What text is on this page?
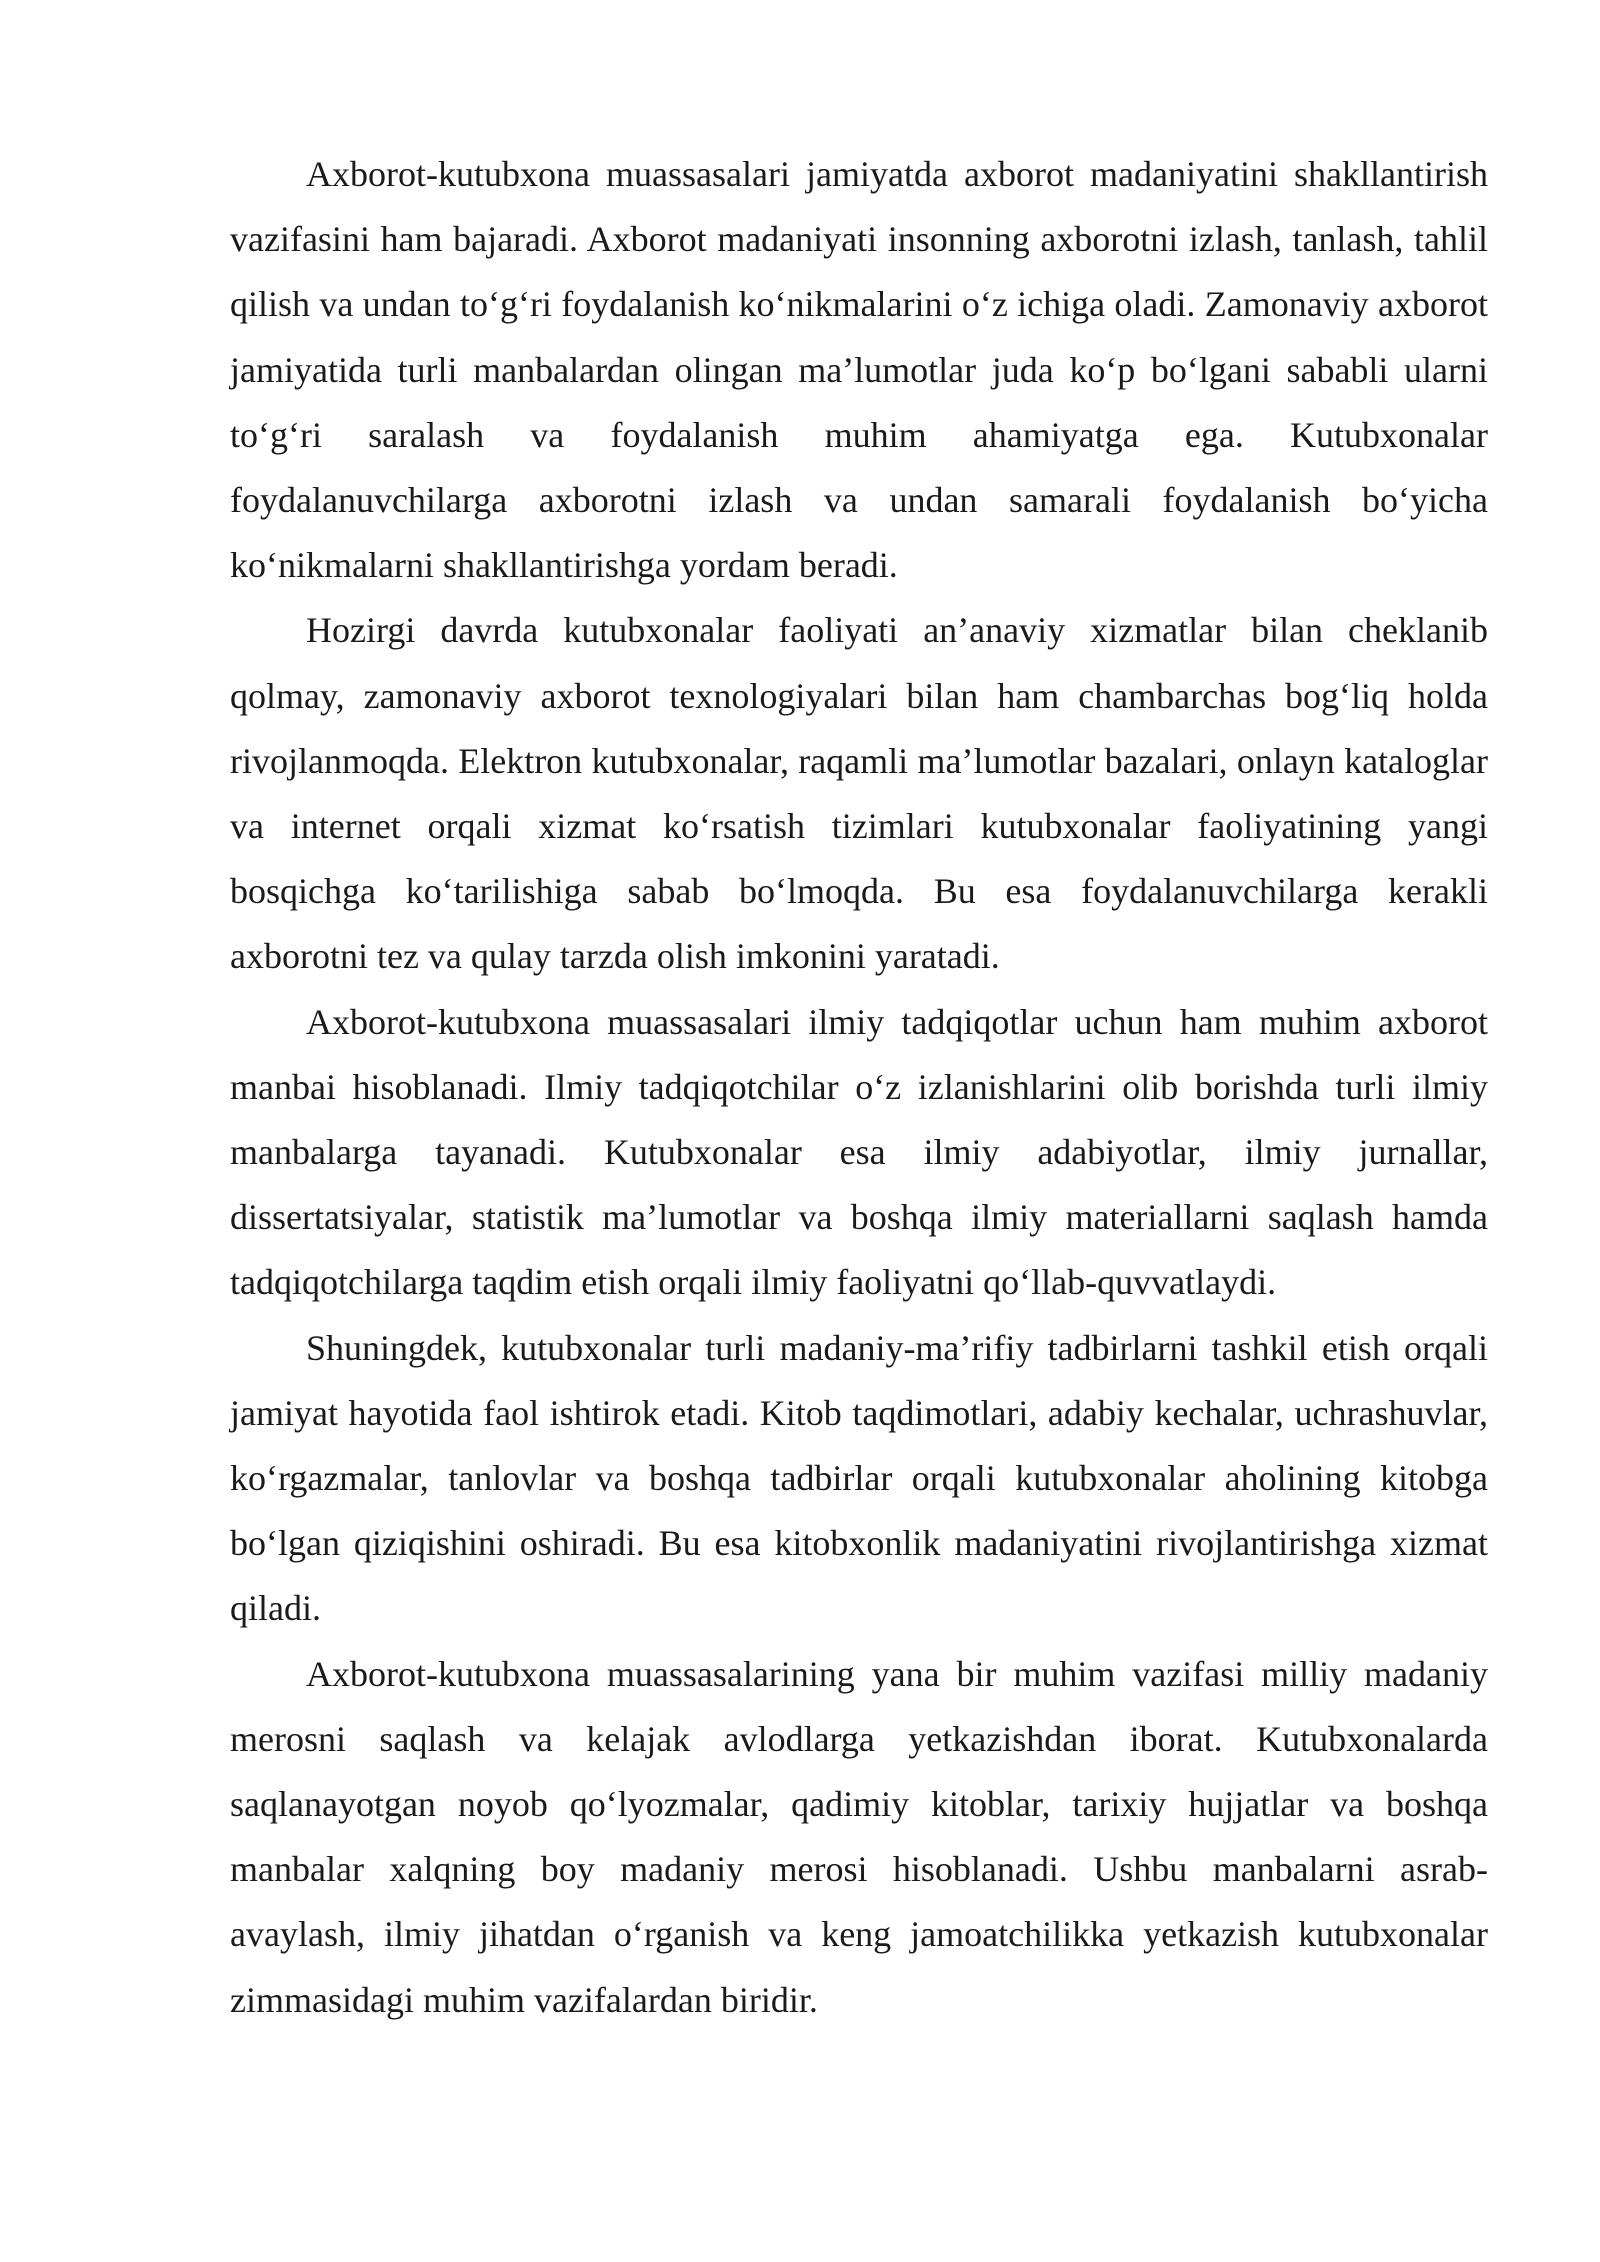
Axborot-kutubxona muassasalari jamiyatda axborot madaniyatini shakllantirish vazifasini ham bajaradi. Axborot madaniyati insonning axborotni izlash, tanlash, tahlil qilish va undan to‘g‘ri foydalanish ko‘nikmalarini o‘z ichiga oladi. Zamonaviy axborot jamiyatida turli manbalardan olingan ma’lumotlar juda ko‘p bo‘lgani sababli ularni to‘g‘ri saralash va foydalanish muhim ahamiyatga ega. Kutubxonalar foydalanuvchilarga axborotni izlash va undan samarali foydalanish bo‘yicha ko‘nikmalarni shakllantirishga yordam beradi.

Hozirgi davrda kutubxonalar faoliyati an’anaviy xizmatlar bilan cheklanib qolmay, zamonaviy axborot texnologiyalari bilan ham chambarchas bog‘liq holda rivojlanmoqda. Elektron kutubxonalar, raqamli ma’lumotlar bazalari, onlayn kataloglar va internet orqali xizmat ko‘rsatish tizimlari kutubxonalar faoliyatining yangi bosqichga ko‘tarilishiga sabab bo‘lmoqda. Bu esa foydalanuvchilarga kerakli axborotni tez va qulay tarzda olish imkonini yaratadi.

Axborot-kutubxona muassasalari ilmiy tadqiqotlar uchun ham muhim axborot manbai hisoblanadi. Ilmiy tadqiqotchilar o‘z izlanishlarini olib borishda turli ilmiy manbalarga tayanadi. Kutubxonalar esa ilmiy adabiyotlar, ilmiy jurnallar, dissertatsiyalar, statistik ma’lumotlar va boshqa ilmiy materiallarni saqlash hamda tadqiqotchilarga taqdim etish orqali ilmiy faoliyatni qo‘llab-quvvatlaydi.

Shuningdek, kutubxonalar turli madaniy-ma’rifiy tadbirlarni tashkil etish orqali jamiyat hayotida faol ishtirok etadi. Kitob taqdimotlari, adabiy kechalar, uchrashuvlar, ko‘rgazmalar, tanlovlar va boshqa tadbirlar orqali kutubxonalar aholining kitobga bo‘lgan qiziqishini oshiradi. Bu esa kitobxonlik madaniyatini rivojlantirishga xizmat qiladi.

Axborot-kutubxona muassasalarining yana bir muhim vazifasi milliy madaniy merosni saqlash va kelajak avlodlarga yetkazishdan iborat. Kutubxonalarda saqlanayotgan noyob qo‘lyozmalar, qadimiy kitoblar, tarixiy hujjatlar va boshqa manbalar xalqning boy madaniy merosi hisoblanadi. Ushbu manbalarni asrab-avaylash, ilmiy jihatdan o‘rganish va keng jamoatchilikka yetkazish kutubxonalar zimmasidagi muhim vazifalardan biridir.
